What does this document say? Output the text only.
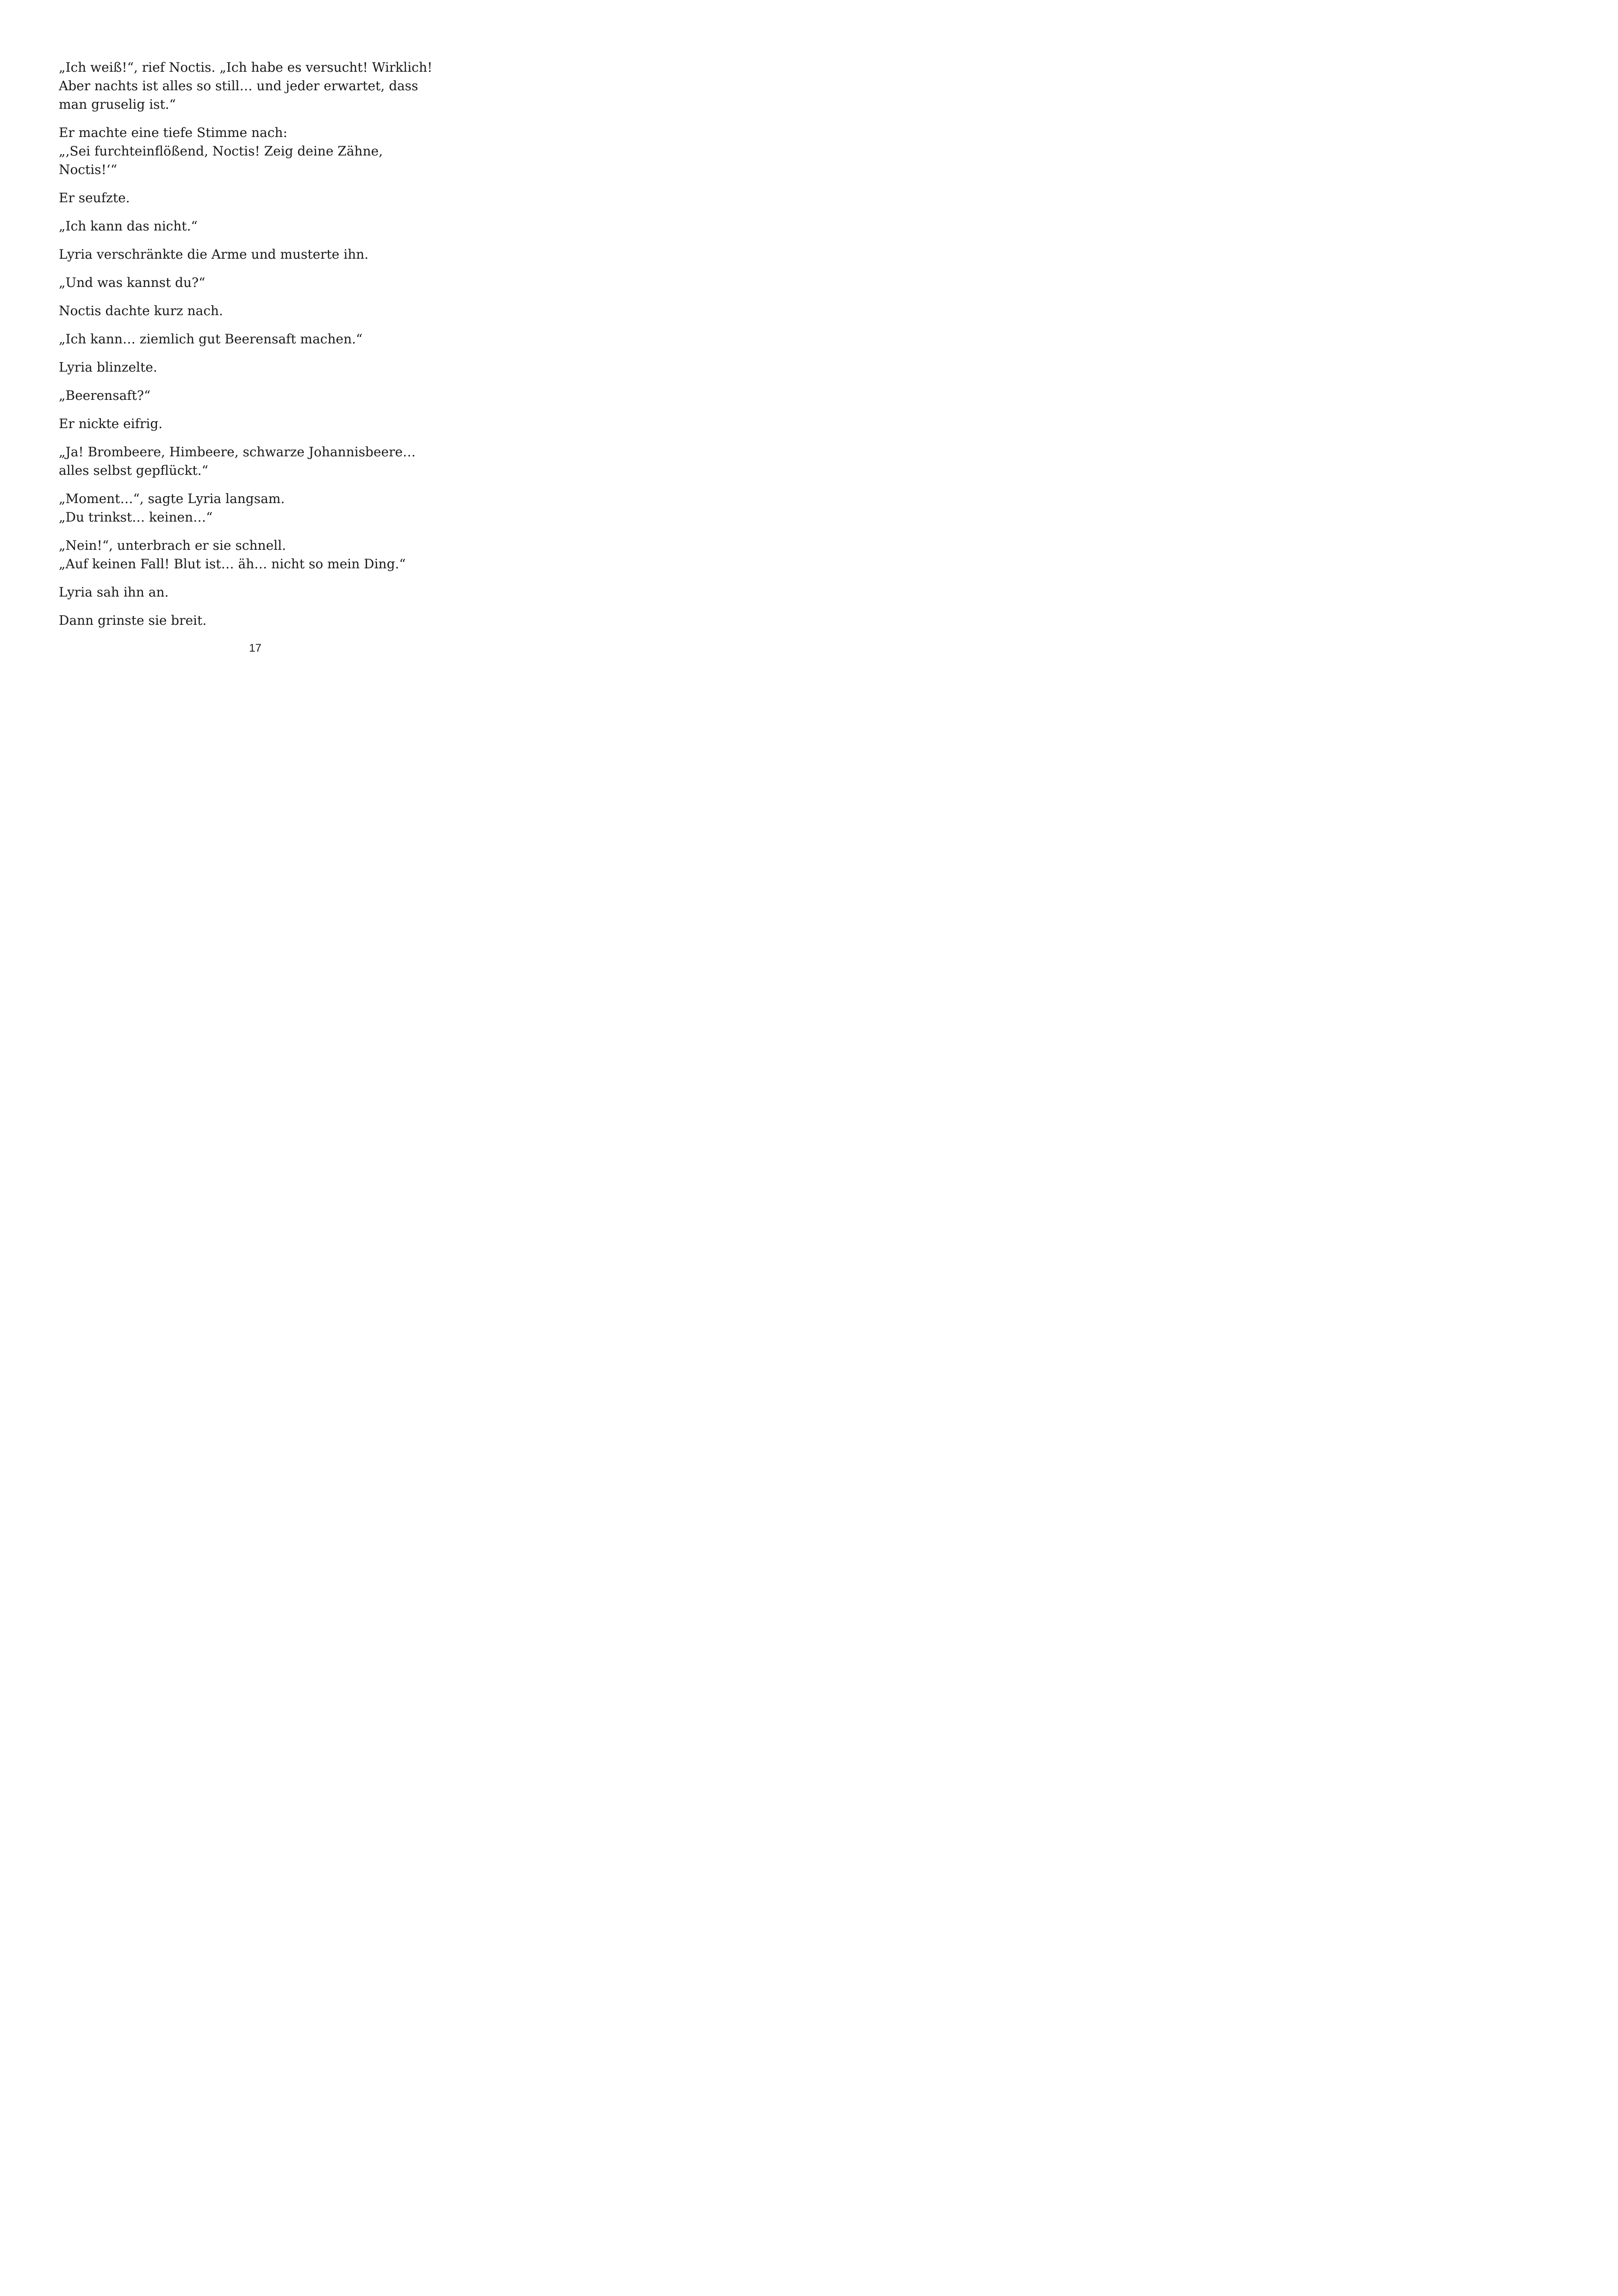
„Ich weiß!“, rief Noctis. „Ich habe es versucht! Wirklich!
Aber nachts ist alles so still… und jeder erwartet, dass
man gruselig ist.“

Er machte eine tiefe Stimme nach:
„‚Sei furchteinflößend, Noctis! Zeig deine Zähne,
Noctis!‘“

Er seufzte.

„Ich kann das nicht.“

Lyria verschränkte die Arme und musterte ihn.

„Und was kannst du?“

Noctis dachte kurz nach.

„Ich kann… ziemlich gut Beerensaft machen.“

Lyria blinzelte.

„Beerensaft?“

Er nickte eifrig.

„Ja! Brombeere, Himbeere, schwarze Johannisbeere…
alles selbst gepflückt.“

„Moment…“, sagte Lyria langsam.
„Du trinkst… keinen…“

„Nein!“, unterbrach er sie schnell.
„Auf keinen Fall! Blut ist… äh… nicht so mein Ding.“

Lyria sah ihn an.

Dann grinste sie breit.

17
